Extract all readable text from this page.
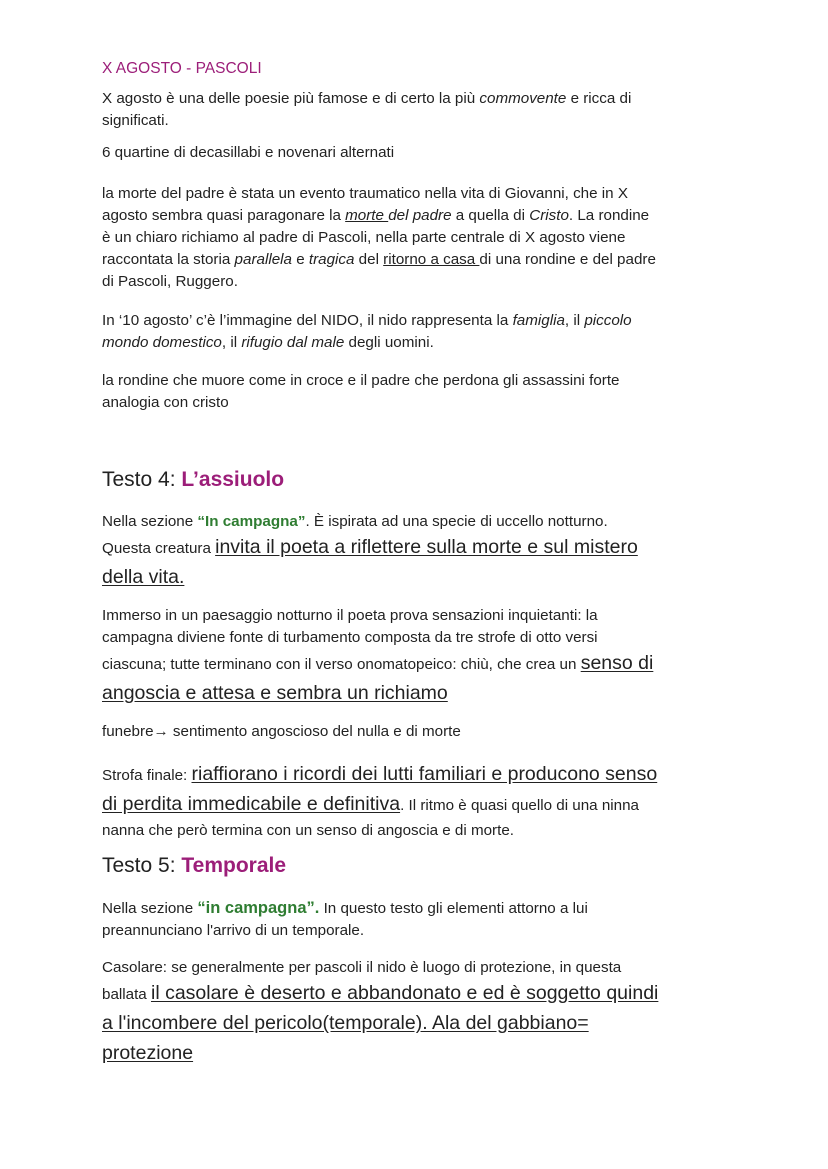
X AGOSTO - PASCOLI

X agosto è una delle poesie più famose e di certo la più commovente e ricca di
significati.

6 quartine di decasillabi e novenari alternati

la morte del padre è stata un evento traumatico nella vita di Giovanni, che in X
agosto sembra quasi paragonare la morte del padre a quella di Cristo. La rondine
è un chiaro richiamo al padre di Pascoli, nella parte centrale di X agosto viene
raccontata la storia parallela e tragica del ritorno a casa di una rondine e del padre
di Pascoli, Ruggero.

In ‘10 agosto’ c’è l’immagine del NIDO, il nido rappresenta la famiglia, il piccolo
mondo domestico, il rifugio dal male degli uomini.

la rondine che muore come in croce e il padre che perdona gli assassini forte
analogia con cristo

Testo 4: L’assiuolo

Nella sezione “In campagna”. È ispirata ad una specie di uccello notturno.
Questa creatura invita il poeta a riflettere sulla morte e sul mistero
della vita.

Immerso in un paesaggio notturno il poeta prova sensazioni inquietanti: la
campagna diviene fonte di turbamento composta da tre strofe di otto versi
ciascuna; tutte terminano con il verso onomatopeico: chiù, che crea un senso di
angoscia e attesa e sembra un richiamo

funebre→ sentimento angoscioso del nulla e di morte

Strofa finale: riaffiorano i ricordi dei lutti familiari e producono senso
di perdita immedicabile e definitiva. Il ritmo è quasi quello di una ninna
nanna che però termina con un senso di angoscia e di morte.

Testo 5: Temporale

Nella sezione “in campagna”. In questo testo gli elementi attorno a lui
preannunciano l'arrivo di un temporale.

Casolare: se generalmente per pascoli il nido è luogo di protezione, in questa
ballata il casolare è deserto e abbandonato e ed è soggetto quindi
a l'incombere del pericolo(temporale). Ala del gabbiano=
protezione
